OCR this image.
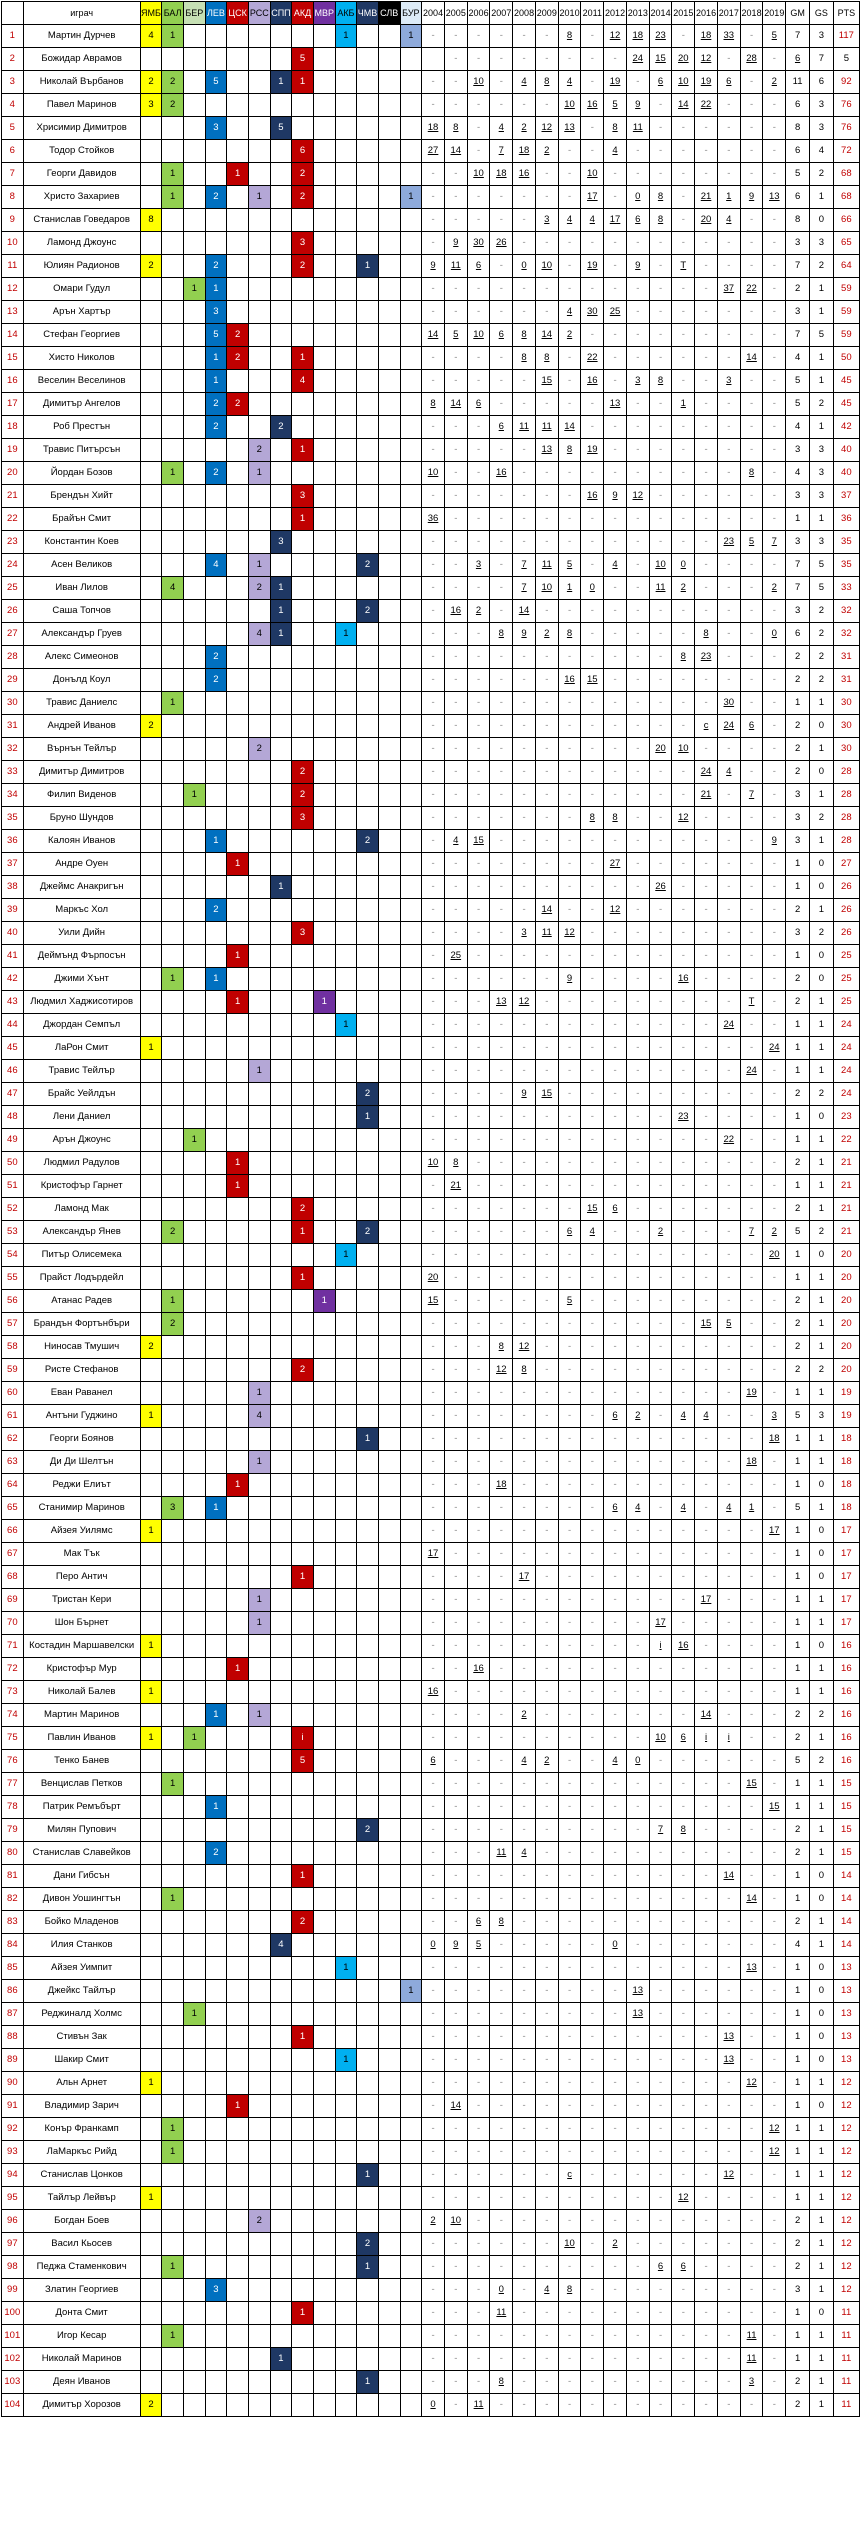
	играч	ЯМБ	БАЛ	БЕР	ЛЕВ	ЦСК	РСС	СПП	АКД	МВР	АКБ	ЧМВ	СЛВ	БУР	2004	2005	2006	2007	2008	2009	2010	2011	2012	2013	2014	2015	2016	2017	2018	2019	GM	GS	PTS	
1	Мартин Дурчев	4	1								1			1	-	-	-	-	-	-	8	-	12	18	23	-	18	33	-	5	7	3	117	
2	Божидар Аврамов								5							-	-	-	-	-	-	-	-	24	15	20	12	-	28	-	6	7	5	
3	Николай Върбанов	2	2		5			1	1						-	-	10	-	4	8	4	-	19	-	6	10	19	6	-	2	11	6	92	
4	Павел Маринов	3	2												-	-	-	-	-	-	10	16	5	9	-	14	22	-	-	-	6	3	76	
5	Хрисимир Димитров				3			5							18	8	-	4	2	12	13	-	8	11	-	-	-	-	-	-	8	3	76	
6	Тодор Стойков								6						27	14	-	7	18	2	-	-	4	-	-	-	-	-	-	-	6	4	72	
7	Георги Давидов		1			1			2						-	-	10	18	16	-	-	10	-	-	-	-	-	-	-	-	5	2	68	
8	Христо Захариев		1		2		1		2					1	-	-	-	-	-	-	-	17	-	0	8	-	21	1	9	13	6	1	68	
9	Станислав Говедаров	8													-	-	-	-	-	3	4	4	17	6	8	-	20	4	-	-	8	0	66	
10	Ламонд Джоунс								3						-	9	30	26	-	-	-	-	-	-	-	-	-	-	-	-	3	3	65	
11	Юлиян Радионов	2			2				2			1			9	11	6	-	0	10	-	19	-	9	-	Т	-	-	-	-	7	2	64	
12	Омари Гудул			1	1										-	-	-	-	-	-	-	-	-	-	-	-	-	37	22	-	2	1	59	
13	Арън Хартър				3										-	-	-	-	-	-	4	30	25	-	-	-	-	-	-	-	3	1	59	
14	Стефан Георгиев				5	2									14	5	10	6	8	14	2	-	-	-	-	-	-	-	-	-	7	5	59	
15	Хисто Николов				1	2			1						-	-	-	-	8	8	-	22	-	-	-	-	-	-	14	-	4	1	50	
16	Веселин Веселинов				1				4						-	-	-	-	-	15	-	16	-	3	8	-	-	3	-	-	5	1	45	
17	Димитър Ангелов				2	2									8	14	6	-	-	-	-	-	13	-	-	1	-	-	-	-	5	2	45	
18	Роб Престън				2			2							-	-	-	6	11	11	14	-	-	-	-	-	-	-	-	-	4	1	42	
19	Травис Питърсън						2		1						-	-	-	-	-	13	8	19	-	-	-	-	-	-	-	-	3	3	40	
20	Йордан Бозов		1		2		1								10	-	-	16	-	-	-	-	-	-	-	-	-	-	8	-	4	3	40	
21	Брендън Хийт								3						-	-	-	-	-	-	-	16	9	12	-	-	-	-	-	-	3	3	37	
22	Брайън Смит								1						36	-	-	-	-	-	-	-	-	-	-	-	-	-	-	-	1	1	36	
23	Константин Коев							3							-	-	-	-	-	-	-	-	-	-	-	-	-	23	5	7	3	3	35	
24	Асен Великов				4		1					2			-	-	3	-	7	11	5	-	4	-	10	0	-	-	-	-	7	5	35	
25	Ивaн Лилов		4				2	1							-	-	-	-	7	10	1	0	-	-	11	2	-	-	-	2	7	5	33	
26	Саша Топчов							1				2			-	16	2	-	14	-	-	-	-	-	-	-	-	-	-	-	3	2	32	
27	Александър Груев						4	1			1				-	-	-	8	9	2	8	-	-	-	-	-	8	-	-	0	6	2	32	
28	Алекс Симеонов				2										-	-	-	-	-	-	-	-	-	-	-	8	23	-	-	-	2	2	31	
29	Донълд Коул				2										-	-	-	-	-	-	16	15	-	-	-	-	-	-	-	-	2	2	31	
30	Травис Даниелс		1												-	-	-	-	-	-	-	-	-	-	-	-	-	30	-	-	1	1	30	
31	Андрей Иванов	2													-	-	-	-	-	-	-	-	-	-	-	-	с	24	6	-	2	0	30	
32	Върнън Тейлър						2								-	-	-	-	-	-	-	-	-	-	20	10	-	-	-	-	2	1	30	
33	Димитър Димитров								2						-	-	-	-	-	-	-	-	-	-	-	-	24	4	-	-	2	0	28	
34	Филип Виденов			1					2						-	-	-	-	-	-	-	-	-	-	-	-	21	-	7	-	3	1	28	
35	Бруно Шундов								3						-	-	-	-	-	-	-	8	8	-	-	12	-	-	-	-	3	2	28	
36	Калоян Иванов				1							2			-	4	15	-	-	-	-	-	-	-	-	-	-	-	-	9	3	1	28	
37	Андре Оуен					1									-	-	-	-	-	-	-	-	27	-	-	-	-	-	-	-	1	0	27	
38	Джеймс Анакригън							1							-	-	-	-	-	-	-	-	-	-	26	-	-	-	-	-	1	0	26	
39	Маркъс Хол				2										-	-	-	-	-	14	-	-	12	-	-	-	-	-	-	-	2	1	26	
40	Уили Дийн								3						-	-	-	-	3	11	12	-	-	-	-	-	-	-	-	-	3	2	26	
41	Деймънд Фърпосън					1									-	25	-	-	-	-	-	-	-	-	-	-	-	-	-	-	1	0	25	
42	Джими Хънт		1		1										-	-	-	-	-	-	9	-	-	-	-	16	-	-	-	-	2	0	25	
43	Людмил Хаджисотиров					1				1					-	-	-	13	12	-	-	-	-	-	-	-	-	-	Т	-	2	1	25	
44	Джордан Семпъл										1				-	-	-	-	-	-	-	-	-	-	-	-	-	24	-	-	1	1	24	
45	ЛаРон Смит	1													-	-	-	-	-	-	-	-	-	-	-	-	-	-	-	24	1	1	24	
46	Травис Тейлър						1								-	-	-	-	-	-	-	-	-	-	-	-	-	-	24	-	1	1	24	
47	Брайс Уейлдън											2			-	-	-	-	9	15	-	-	-	-	-	-	-	-	-	-	2	2	24	
48	Лени Даниел											1			-	-	-	-	-	-	-	-	-	-	-	23	-	-	-	-	1	0	23	
49	Арън Джоунс			1											-	-	-	-	-	-	-	-	-	-	-	-	-	22	-	-	1	1	22	
50	Людмил Радулов					1									10	8	-	-	-	-	-	-	-	-	-	-	-	-	-	-	2	1	21	
51	Кристофър Гарнет					1									-	21	-	-	-	-	-	-	-	-	-	-	-	-	-	-	1	1	21	
52	Ламонд Мак								2						-	-	-	-	-	-	-	15	6	-	-	-	-	-	-	-	2	1	21	
53	Александър Янев		2						1			2			-	-	-	-	-	-	6	4	-	-	2	-	-	-	7	2	5	2	21	
54	Питър Олисемека										1				-	-	-	-	-	-	-	-	-	-	-	-	-	-	-	20	1	0	20	
55	Прайст Лодърдейл								1						20	-	-	-	-	-	-	-	-	-	-	-	-	-	-	-	1	1	20	
56	Атанас Радев		1							1					15	-	-	-	-	-	5	-	-	-	-	-	-	-	-	-	2	1	20	
57	Брандън Фортънбъри		2												-	-	-	-	-	-	-	-	-	-	-	-	15	5	-	-	2	1	20	
58	Ниносав Тмушич	2													-	-	-	8	12	-	-	-	-	-	-	-	-	-	-	-	2	1	20	
59	Ристе Стефанов								2						-	-	-	12	8	-	-	-	-	-	-	-	-	-	-	-	2	2	20	
60	Еван Раванел						1								-	-	-	-	-	-	-	-	-	-	-	-	-	-	19	-	1	1	19	
61	Антъни Гуджино	1					4								-	-	-	-	-	-	-	-	6	2	-	4	4	-	-	3	5	3	19	
62	Георги Боянов											1			-	-	-	-	-	-	-	-	-	-	-	-	-	-	-	18	1	1	18	
63	Ди Ди Шелтън						1								-	-	-	-	-	-	-	-	-	-	-	-	-	-	18	-	1	1	18	
64	Реджи Елиът					1									-	-	-	18	-	-	-	-	-	-	-	-	-	-	-	-	1	0	18	
65	Станимир Маринов		3		1										-	-	-	-	-	-	-	-	6	4	-	4	-	4	1	-	5	1	18	
66	Айзея Уилямс	1													-	-	-	-	-	-	-	-	-	-	-	-	-	-	-	17	1	0	17	
67	Мак Тък														17	-	-	-	-	-	-	-	-	-	-	-	-	-	-	-	1	0	17	
68	Перо Антич								1						-	-	-	-	17	-	-	-	-	-	-	-	-	-	-	-	1	0	17	
69	Тристан Кери						1								-	-	-	-	-	-	-	-	-	-	-	-	17	-	-	-	1	1	17	
70	Шон Бърнет						1								-	-	-	-	-	-	-	-	-	-	17	-	-	-	-	-	1	1	17	
71	Костадин Маршавелски	1													-	-	-	-	-	-	-	-	-	-	i	16	-	-	-	-	1	0	16	
72	Кристофър Мур					1									-	-	16	-	-	-	-	-	-	-	-	-	-	-	-	-	1	1	16	
73	Николай Балев	1													16	-	-	-	-	-	-	-	-	-	-	-	-	-	-	-	1	1	16	
74	Мартин Маринов				1		1								-	-	-	-	2	-	-	-	-	-	-	-	14	-	-	-	2	2	16	
75	Павлин Иванов	1		1					i						-	-	-	-	-	-	-	-	-	-	10	6	i	i	-	-	2	1	16	
76	Тенко Банев								5						6	-	-	-	4	2	-	-	4	0	-	-	-	-	-	-	5	2	16	
77	Венцислав Петков		1												-	-	-	-	-	-	-	-	-	-	-	-	-	-	15	-	1	1	15	
78	Патрик Ремъбърт				1										-	-	-	-	-	-	-	-	-	-	-	-	-	-	-	15	1	1	15	
79	Милян Пупович											2			-	-	-	-	-	-	-	-	-	-	7	8	-	-	-	-	2	1	15	
80	Станислав Славейков				2										-	-	-	11	4	-	-	-	-	-	-	-	-	-	-	-	2	1	15	
81	Дани Гибсън								1						-	-	-	-	-	-	-	-	-	-	-	-	-	14	-	-	1	0	14	
82	Дивон Уошингтън		1												-	-	-	-	-	-	-	-	-	-	-	-	-	-	14	-	1	0	14	
83	Бойко Младенов								2						-	-	6	8	-	-	-	-	-	-	-	-	-	-	-	-	2	1	14	
84	Илия Станков							4							0	9	5	-	-	-	-	-	0	-	-	-	-	-	-	-	4	1	14	
85	Айзея Уимпит										1				-	-	-	-	-	-	-	-	-	-	-	-	-	-	13	-	1	0	13	
86	Джейкс Тайлър													1	-	-	-	-	-	-	-	-	-	13	-	-	-	-	-	-	1	0	13	
87	Реджиналд Холмс			1											-	-	-	-	-	-	-	-	-	13	-	-	-	-	-	-	1	0	13	
88	Стивън Зак								1						-	-	-	-	-	-	-	-	-	-	-	-	-	13	-	-	1	0	13	
89	Шакир Смит										1				-	-	-	-	-	-	-	-	-	-	-	-	-	13	-	-	1	0	13	
90	Альн Арнет	1													-	-	-	-	-	-	-	-	-	-	-	-	-	-	12	-	1	1	12	
91	Владимир Зарич					1									-	14	-	-	-	-	-	-	-	-	-	-	-	-	-	-	1	0	12	
92	Конър Франкамп		1												-	-	-	-	-	-	-	-	-	-	-	-	-	-	-	12	1	1	12	
93	ЛаМаркъс Рийд		1												-	-	-	-	-	-	-	-	-	-	-	-	-	-	-	12	1	1	12	
94	Станислав Цонков											1			-	-	-	-	-	-	с	-	-	-	-	-	-	12	-	-	1	1	12	
95	Тайлър Лейвър	1													-	-	-	-	-	-	-	-	-	-	-	12	-	-	-	-	1	1	12	
96	Богдан Боев						2								2	10	-	-	-	-	-	-	-	-	-	-	-	-	-	-	2	1	12	
97	Васил Кьосев											2			-	-	-	-	-	-	10	-	2	-	-	-	-	-	-	-	2	1	12	
98	Педжа Стаменкович		1									1			-	-	-	-	-	-	-	-	-	-	6	6	-	-	-	-	2	1	12	
99	Златин Георгиев				3										-	-	-	0	-	4	8	-	-	-	-	-	-	-	-	-	3	1	12	
100	Донта Смит								1						-	-	-	11	-	-	-	-	-	-	-	-	-	-	-	-	1	0	11	
101	Игор Кесар		1												-	-	-	-	-	-	-	-	-	-	-	-	-	-	11	-	1	1	11	
102	Николай Маринов							1							-	-	-	-	-	-	-	-	-	-	-	-	-	-	11	-	1	1	11	
103	Деян Иванов											1			-	-	-	8	-	-	-	-	-	-	-	-	-	-	3	-	2	1	11	
104	Димитър Хорозов	2													0	-	11	-	-	-	-	-	-	-	-	-	-	-	-	-	2	1	11	
